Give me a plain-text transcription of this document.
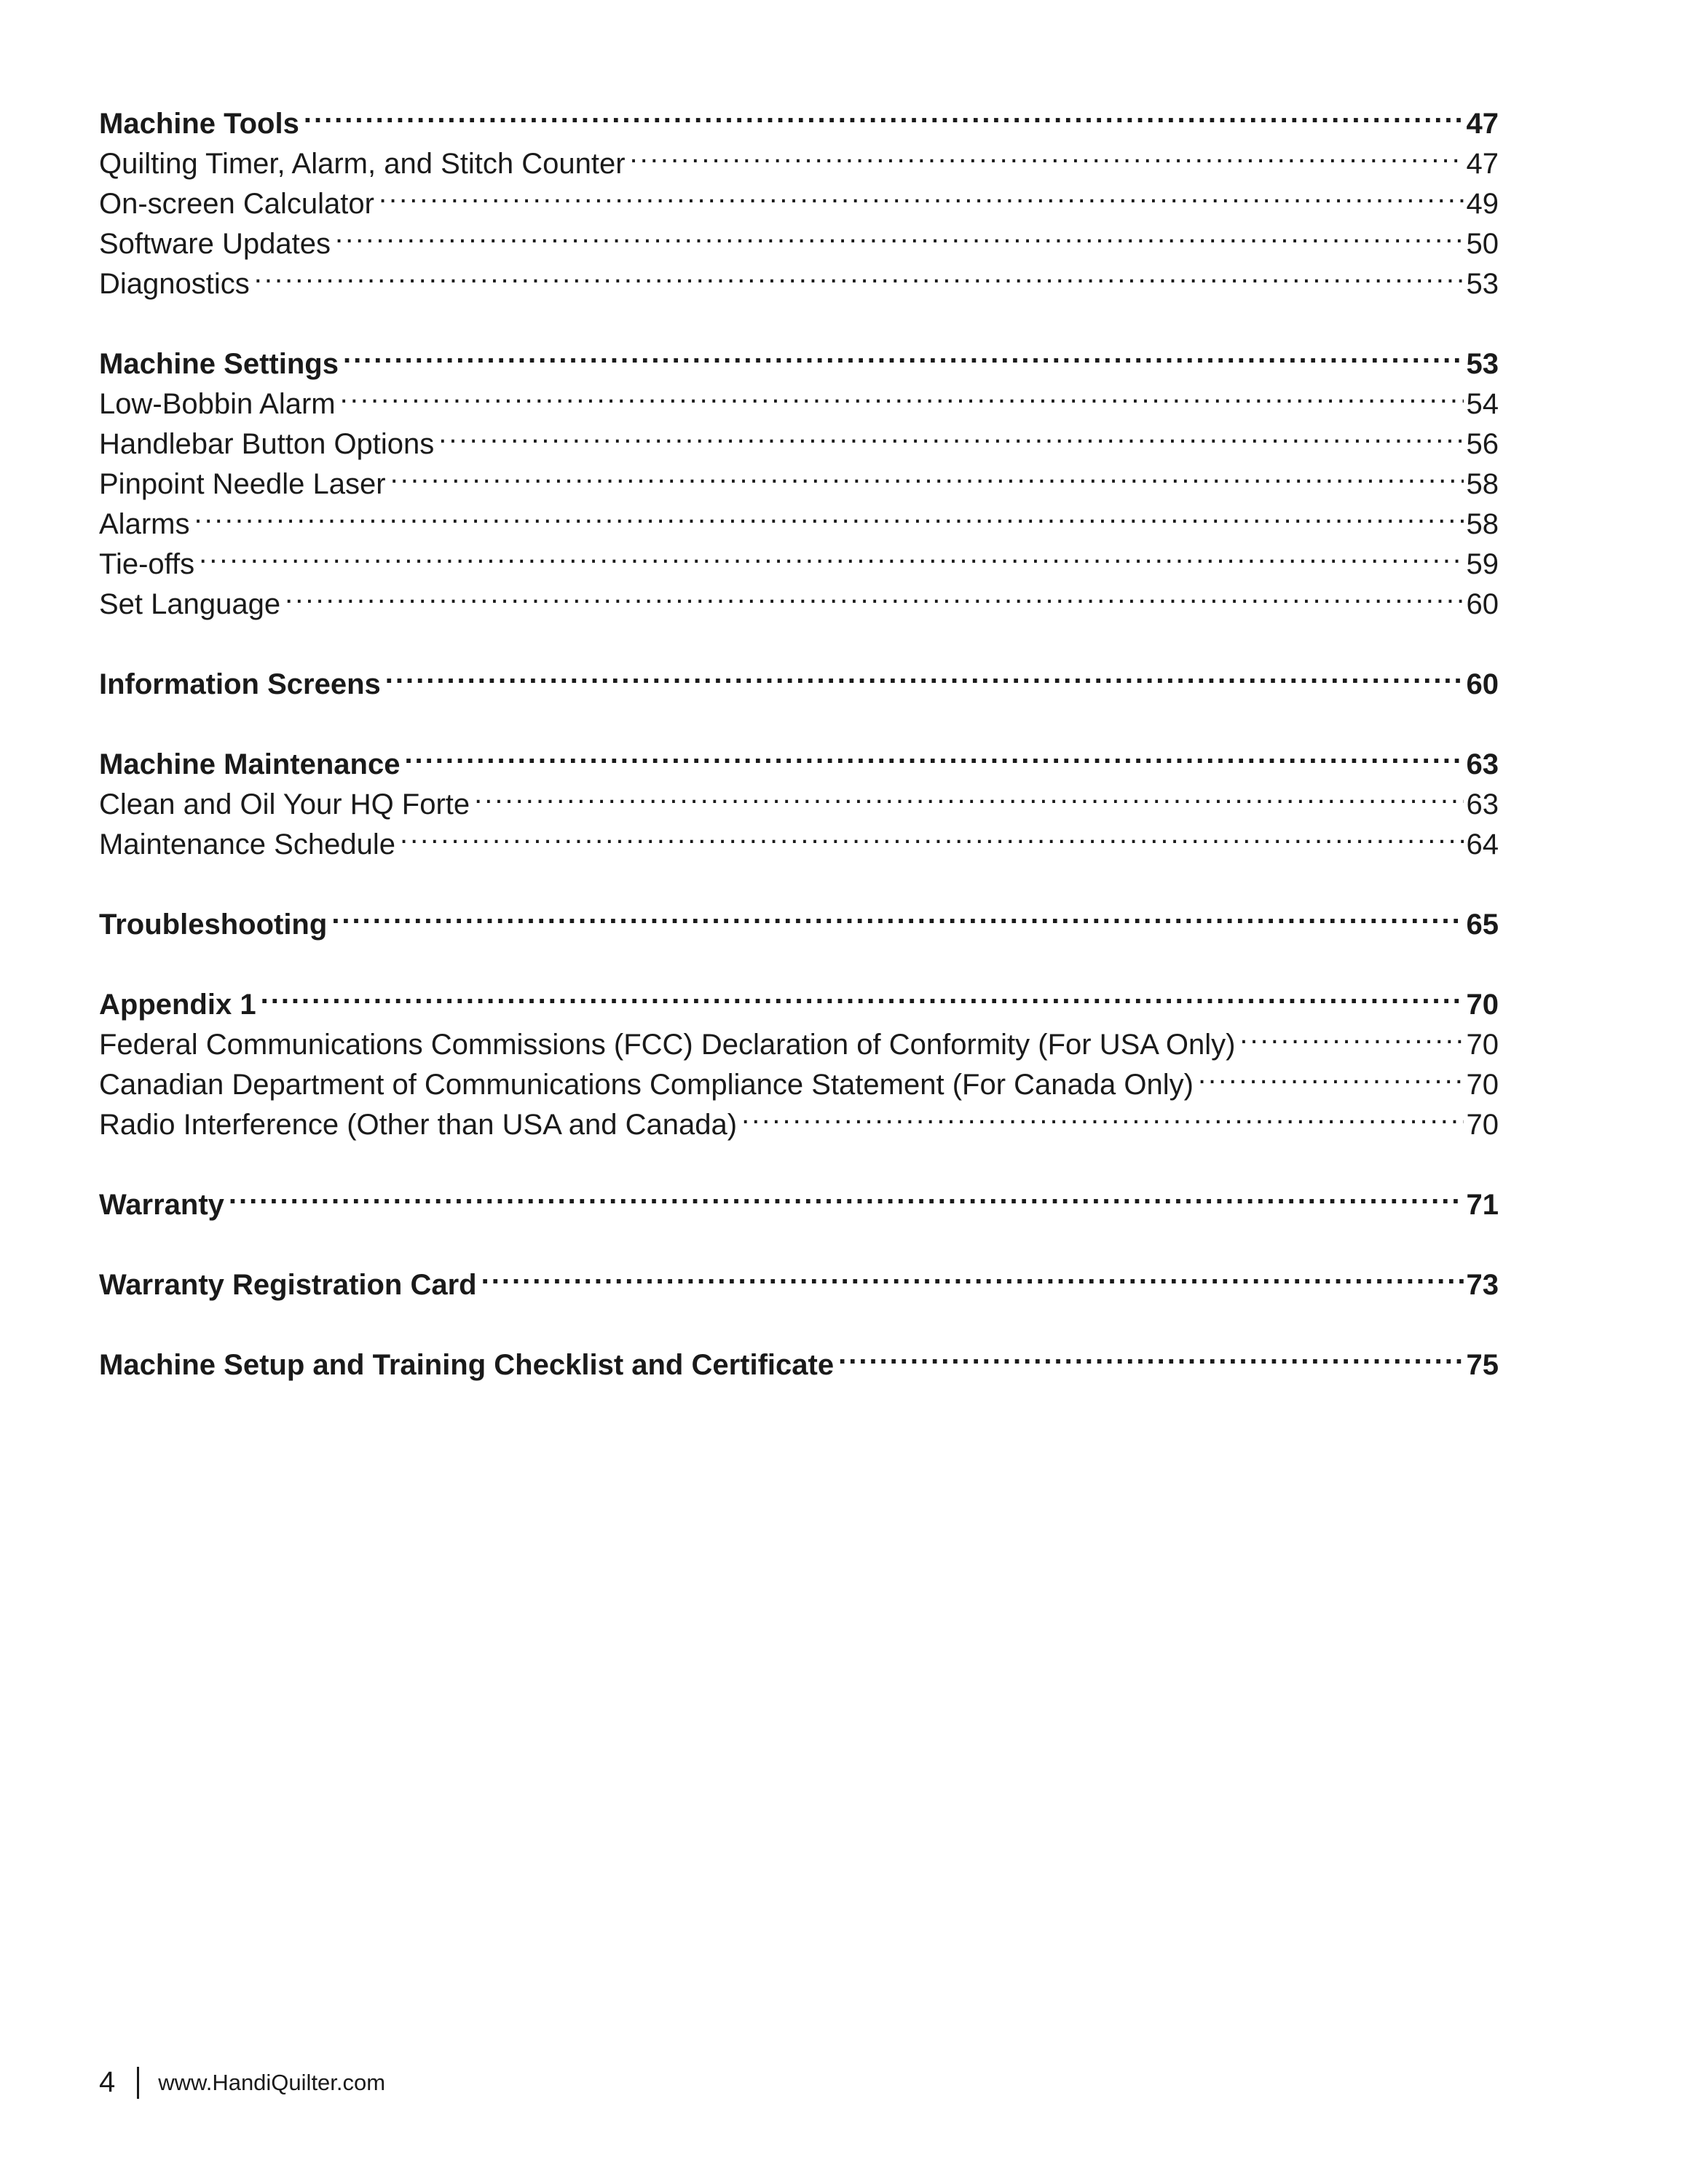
Machine Tools .....	47
Quilting Timer, Alarm, and Stitch Counter .....	47
On-screen Calculator .....	49
Software Updates .....	50
Diagnostics .....	53
Machine Settings .....	53
Low-Bobbin Alarm .....	54
Handlebar Button Options .....	56
Pinpoint Needle Laser .....	58
Alarms .....	58
Tie-offs .....	59
Set Language .....	60
Information Screens .....	60
Machine Maintenance .....	63
Clean and Oil Your HQ Forte .....	63
Maintenance Schedule .....	64
Troubleshooting .....	65
Appendix 1 .....	70
Federal Communications Commissions (FCC) Declaration of Conformity (For USA Only) .....	70
Canadian Department of Communications Compliance Statement (For Canada Only) .....	70
Radio Interference (Other than USA and Canada) .....	70
Warranty .....	71
Warranty Registration Card .....	73
Machine Setup and Training Checklist and Certificate .....	75
4 www.HandiQuilter.com
